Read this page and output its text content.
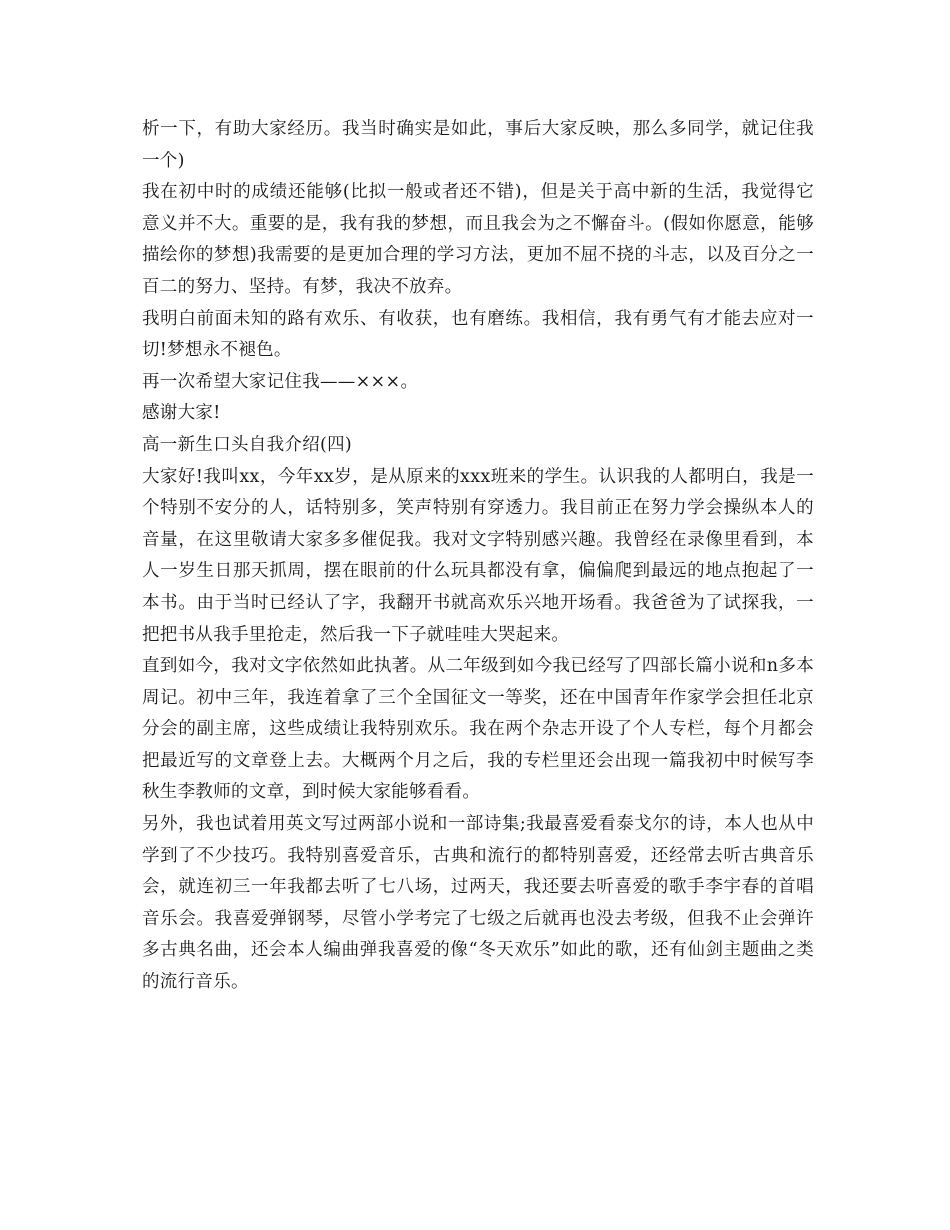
析一下，有助大家经历。我当时确实是如此，事后大家反映，那么多同学，就记住我一个)

我在初中时的成绩还能够(比拟一般或者还不错)，但是关于高中新的生活，我觉得它意义并不大。重要的是，我有我的梦想，而且我会为之不懈奋斗。(假如你愿意，能够描绘你的梦想)我需要的是更加合理的学习方法，更加不屈不挠的斗志，以及百分之一百二的努力、坚持。有梦，我决不放弃。

我明白前面未知的路有欢乐、有收获，也有磨练。我相信，我有勇气有才能去应对一切!梦想永不褪色。

再一次希望大家记住我——×××。

感谢大家!

高一新生口头自我介绍(四)

大家好!我叫xx，今年xx岁，是从原来的xxx班来的学生。认识我的人都明白，我是一个特别不安分的人，话特别多，笑声特别有穿透力。我目前正在努力学会操纵本人的音量，在这里敬请大家多多催促我。我对文字特别感兴趣。我曾经在录像里看到，本人一岁生日那天抓周，摆在眼前的什么玩具都没有拿，偏偏爬到最远的地点抱起了一本书。由于当时已经认了字，我翻开书就高欢乐兴地开场看。我爸爸为了试探我，一把把书从我手里抢走，然后我一下子就哇哇大哭起来。

直到如今，我对文字依然如此执著。从二年级到如今我已经写了四部长篇小说和n多本周记。初中三年，我连着拿了三个全国征文一等奖，还在中国青年作家学会担任北京分会的副主席，这些成绩让我特别欢乐。我在两个杂志开设了个人专栏，每个月都会把最近写的文章登上去。大概两个月之后，我的专栏里还会出现一篇我初中时候写李秋生李教师的文章，到时候大家能够看看。

另外，我也试着用英文写过两部小说和一部诗集;我最喜爱看泰戈尔的诗，本人也从中学到了不少技巧。我特别喜爱音乐，古典和流行的都特别喜爱，还经常去听古典音乐会，就连初三一年我都去听了七八场，过两天，我还要去听喜爱的歌手李宇春的首唱音乐会。我喜爱弹钢琴，尽管小学考完了七级之后就再也没去考级，但我不止会弹许多古典名曲，还会本人编曲弹我喜爱的像“冬天欢乐”如此的歌，还有仙剑主题曲之类的流行音乐。
